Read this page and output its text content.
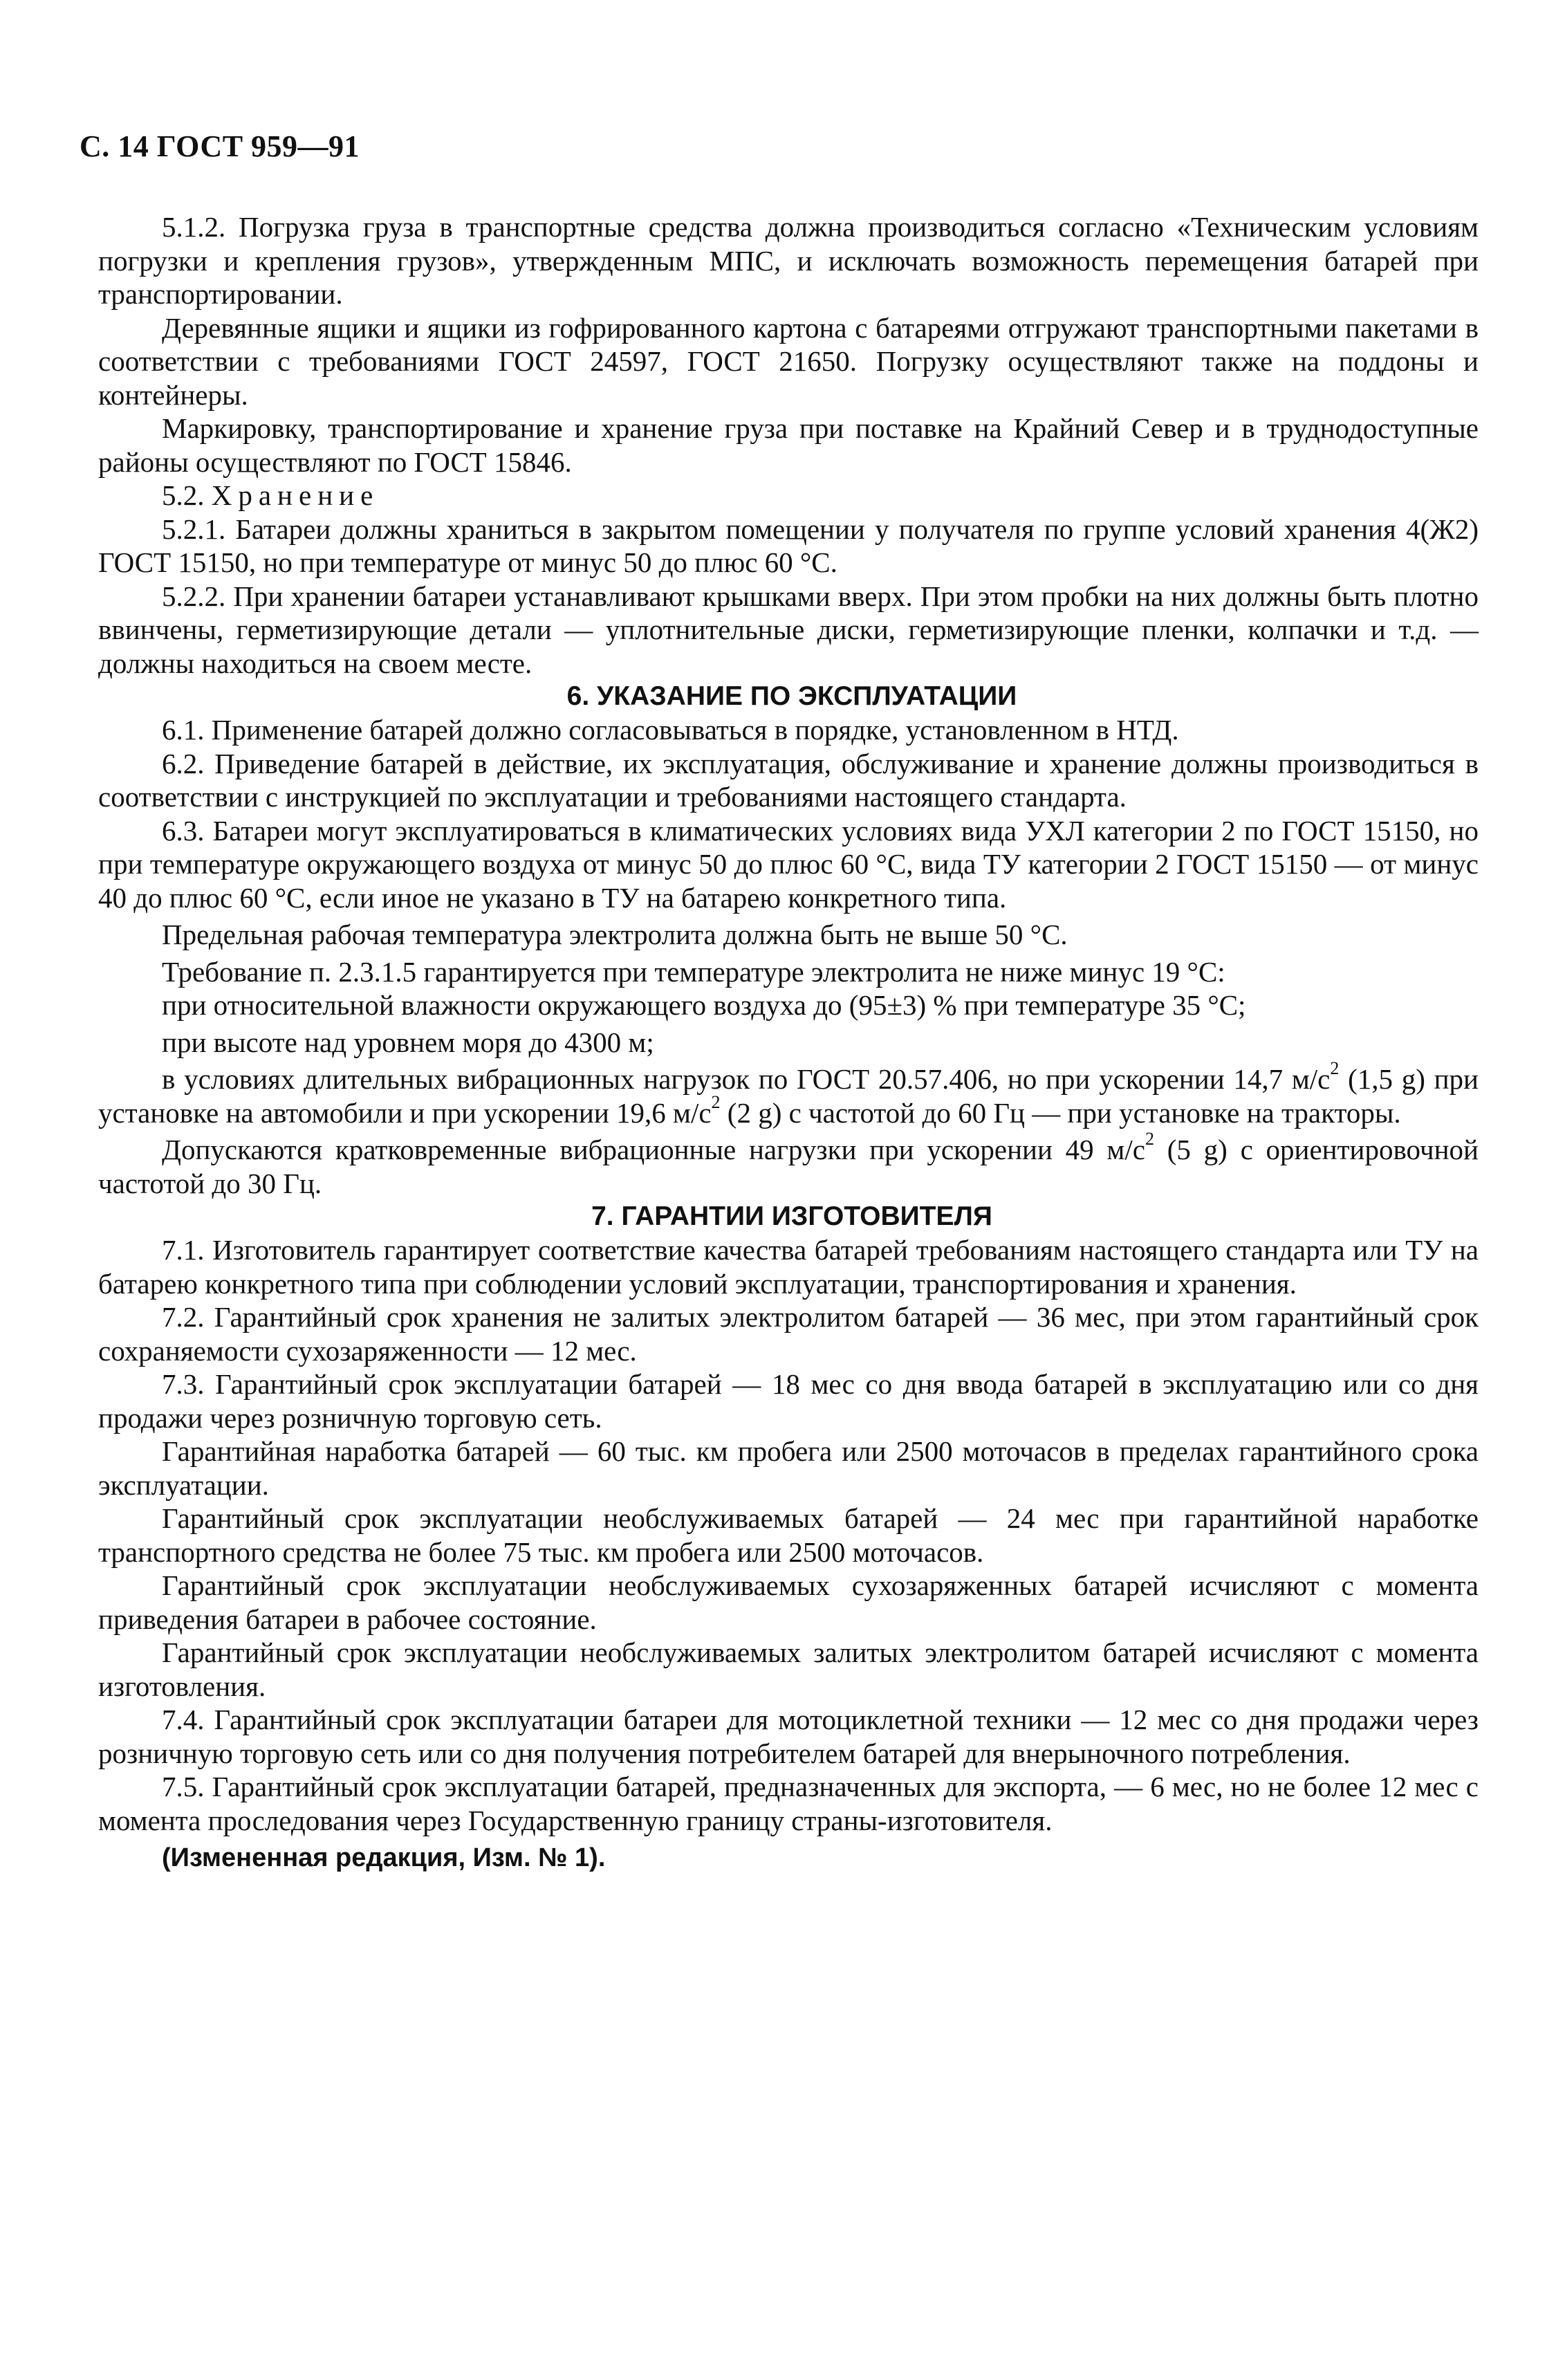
С. 14 ГОСТ 959—91

5.1.2. Погрузка груза в транспортные средства должна производиться согласно «Техническим условиям погрузки и крепления грузов», утвержденным МПС, и исключать возможность перемещения батарей при транспортировании.

Деревянные ящики и ящики из гофрированного картона с батареями отгружают транспортными пакетами в соответствии с требованиями ГОСТ 24597, ГОСТ 21650. Погрузку осуществляют также на поддоны и контейнеры.

Маркировку, транспортирование и хранение груза при поставке на Крайний Север и в труднодоступные районы осуществляют по ГОСТ 15846.

5.2. Хранение

5.2.1. Батареи должны храниться в закрытом помещении у получателя по группе условий хранения 4(Ж2) ГОСТ 15150, но при температуре от минус 50 до плюс 60 °С.

5.2.2. При хранении батареи устанавливают крышками вверх. При этом пробки на них должны быть плотно ввинчены, герметизирующие детали — уплотнительные диски, герметизирующие пленки, колпачки и т.д. — должны находиться на своем месте.

6. УКАЗАНИЕ ПО ЭКСПЛУАТАЦИИ

6.1. Применение батарей должно согласовываться в порядке, установленном в НТД.

6.2. Приведение батарей в действие, их эксплуатация, обслуживание и хранение должны производиться в соответствии с инструкцией по эксплуатации и требованиями настоящего стандарта.

6.3. Батареи могут эксплуатироваться в климатических условиях вида УХЛ категории 2 по ГОСТ 15150, но при температуре окружающего воздуха от минус 50 до плюс 60 °С, вида ТУ категории 2 ГОСТ 15150 — от минус 40 до плюс 60 °С, если иное не указано в ТУ на батарею конкретного типа.

Предельная рабочая температура электролита должна быть не выше 50 °С.

Требование п. 2.3.1.5 гарантируется при температуре электролита не ниже минус 19 °С:

при относительной влажности окружающего воздуха до (95±3) % при температуре 35 °С;

при высоте над уровнем моря до 4300 м;

в условиях длительных вибрационных нагрузок по ГОСТ 20.57.406, но при ускорении 14,7 $м/с^2$ (1,5 g) при установке на автомобили и при ускорении 19,6 $м/с^2$ (2 g) с частотой до 60 Гц — при установке на тракторы.

Допускаются кратковременные вибрационные нагрузки при ускорении 49 $м/с^2$ (5 g) с ориентировочной частотой до 30 Гц.

7. ГАРАНТИИ ИЗГОТОВИТЕЛЯ

7.1. Изготовитель гарантирует соответствие качества батарей требованиям настоящего стандарта или ТУ на батарею конкретного типа при соблюдении условий эксплуатации, транспортирования и хранения.

7.2. Гарантийный срок хранения не залитых электролитом батарей — 36 мес, при этом гарантийный срок сохраняемости сухозаряженности — 12 мес.

7.3. Гарантийный срок эксплуатации батарей — 18 мес со дня ввода батарей в эксплуатацию или со дня продажи через розничную торговую сеть.

Гарантийная наработка батарей — 60 тыс. км пробега или 2500 моточасов в пределах гарантийного срока эксплуатации.

Гарантийный срок эксплуатации необслуживаемых батарей — 24 мес при гарантийной наработке транспортного средства не более 75 тыс. км пробега или 2500 моточасов.

Гарантийный срок эксплуатации необслуживаемых сухозаряженных батарей исчисляют с момента приведения батареи в рабочее состояние.

Гарантийный срок эксплуатации необслуживаемых залитых электролитом батарей исчисляют с момента изготовления.

7.4. Гарантийный срок эксплуатации батареи для мотоциклетной техники — 12 мес со дня продажи через розничную торговую сеть или со дня получения потребителем батарей для внерыночного потребления.

7.5. Гарантийный срок эксплуатации батарей, предназначенных для экспорта, — 6 мес, но не более 12 мес с момента проследования через Государственную границу страны-изготовителя.

(Измененная редакция, Изм. № 1).
